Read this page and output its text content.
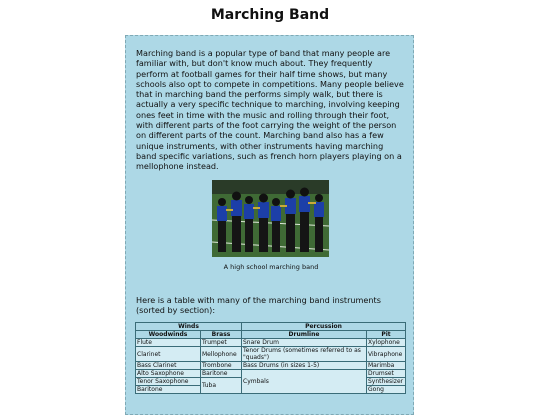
Marching Band

Marching band is a popular type of band that many people are familiar with, but don't know much about. They frequently perform at football games for their half time shows, but many schools also opt to compete in competitions. Many people believe that in marching band the performs simply walk, but there is actually a very specific technique to marching, involving keeping ones feet in time with the music and rolling through their foot, with different parts of the foot carrying the weight of the person on different parts of the count. Marching band also has a few unique instruments, with other instruments having marching band specific variations, such as french horn players playing on a mellophone instead.

A high school marching band

Here is a table with many of the marching band instruments (sorted by section):

Winds		Percussion	
Woodwinds	Brass	Drumline	Pit
Flute	Trumpet	Snare Drum	Xylophone
Clarinet	Mellophone	Tenor Drums (sometimes referred to as "quads")	Vibraphone
Bass Clarinet	Trombone	Bass Drums (in sizes 1-5)	Marimba
Alto Saxophone	Baritone	Cymbals	Drumset
Tenor Saxophone	Tuba		Synthesizer
Baritone			Gong
